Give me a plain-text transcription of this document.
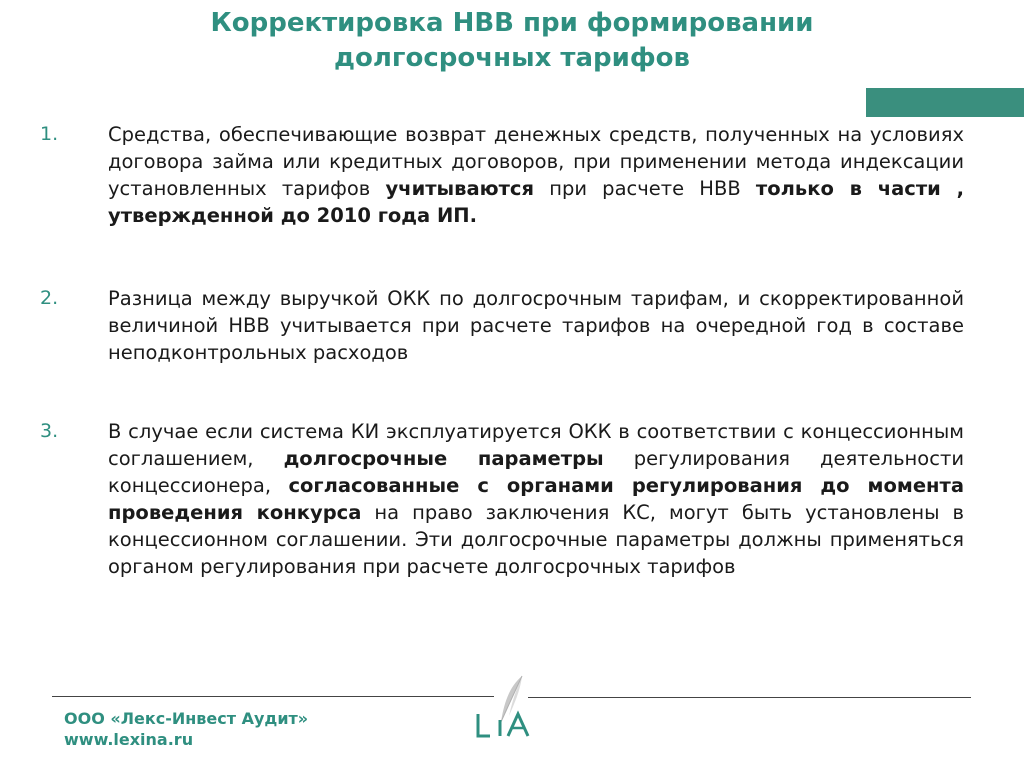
Корректировка НВВ при формировании
долгосрочных тарифов
1.	Средства, обеспечивающие возврат денежных средств, полученных на условиях договора займа или кредитных договоров, при применении метода индексации установленных тарифов учитываются при расчете НВВ только в части , утвержденной до 2010 года ИП.
2.	Разница между выручкой ОКК по долгосрочным тарифам, и скорректированной величиной НВВ учитывается при расчете тарифов на очередной год в составе неподконтрольных расходов
3.	В случае если система КИ эксплуатируется ОКК в соответствии с концессионным соглашением, долгосрочные параметры регулирования деятельности концессионера, согласованные с органами регулирования до момента проведения конкурса на право заключения КС, могут быть установлены в концессионном соглашении. Эти долгосрочные параметры должны применяться органом регулирования при расчете долгосрочных тарифов
ООО «Лекс-Инвест Аудит»
www.lexina.ru
